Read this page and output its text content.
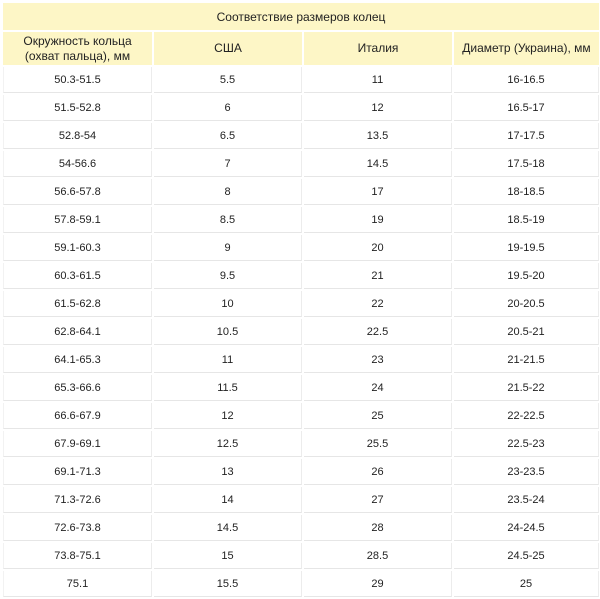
Соответствие размеров колец			
Окружность кольца
(охват пальца), мм	США	Италия	Диаметр (Украина), мм
50.3-51.5	5.5	11	16-16.5
51.5-52.8	6	12	16.5-17
52.8-54	6.5	13.5	17-17.5
54-56.6	7	14.5	17.5-18
56.6-57.8	8	17	18-18.5
57.8-59.1	8.5	19	18.5-19
59.1-60.3	9	20	19-19.5
60.3-61.5	9.5	21	19.5-20
61.5-62.8	10	22	20-20.5
62.8-64.1	10.5	22.5	20.5-21
64.1-65.3	11	23	21-21.5
65.3-66.6	11.5	24	21.5-22
66.6-67.9	12	25	22-22.5
67.9-69.1	12.5	25.5	22.5-23
69.1-71.3	13	26	23-23.5
71.3-72.6	14	27	23.5-24
72.6-73.8	14.5	28	24-24.5
73.8-75.1	15	28.5	24.5-25
75.1	15.5	29	25
